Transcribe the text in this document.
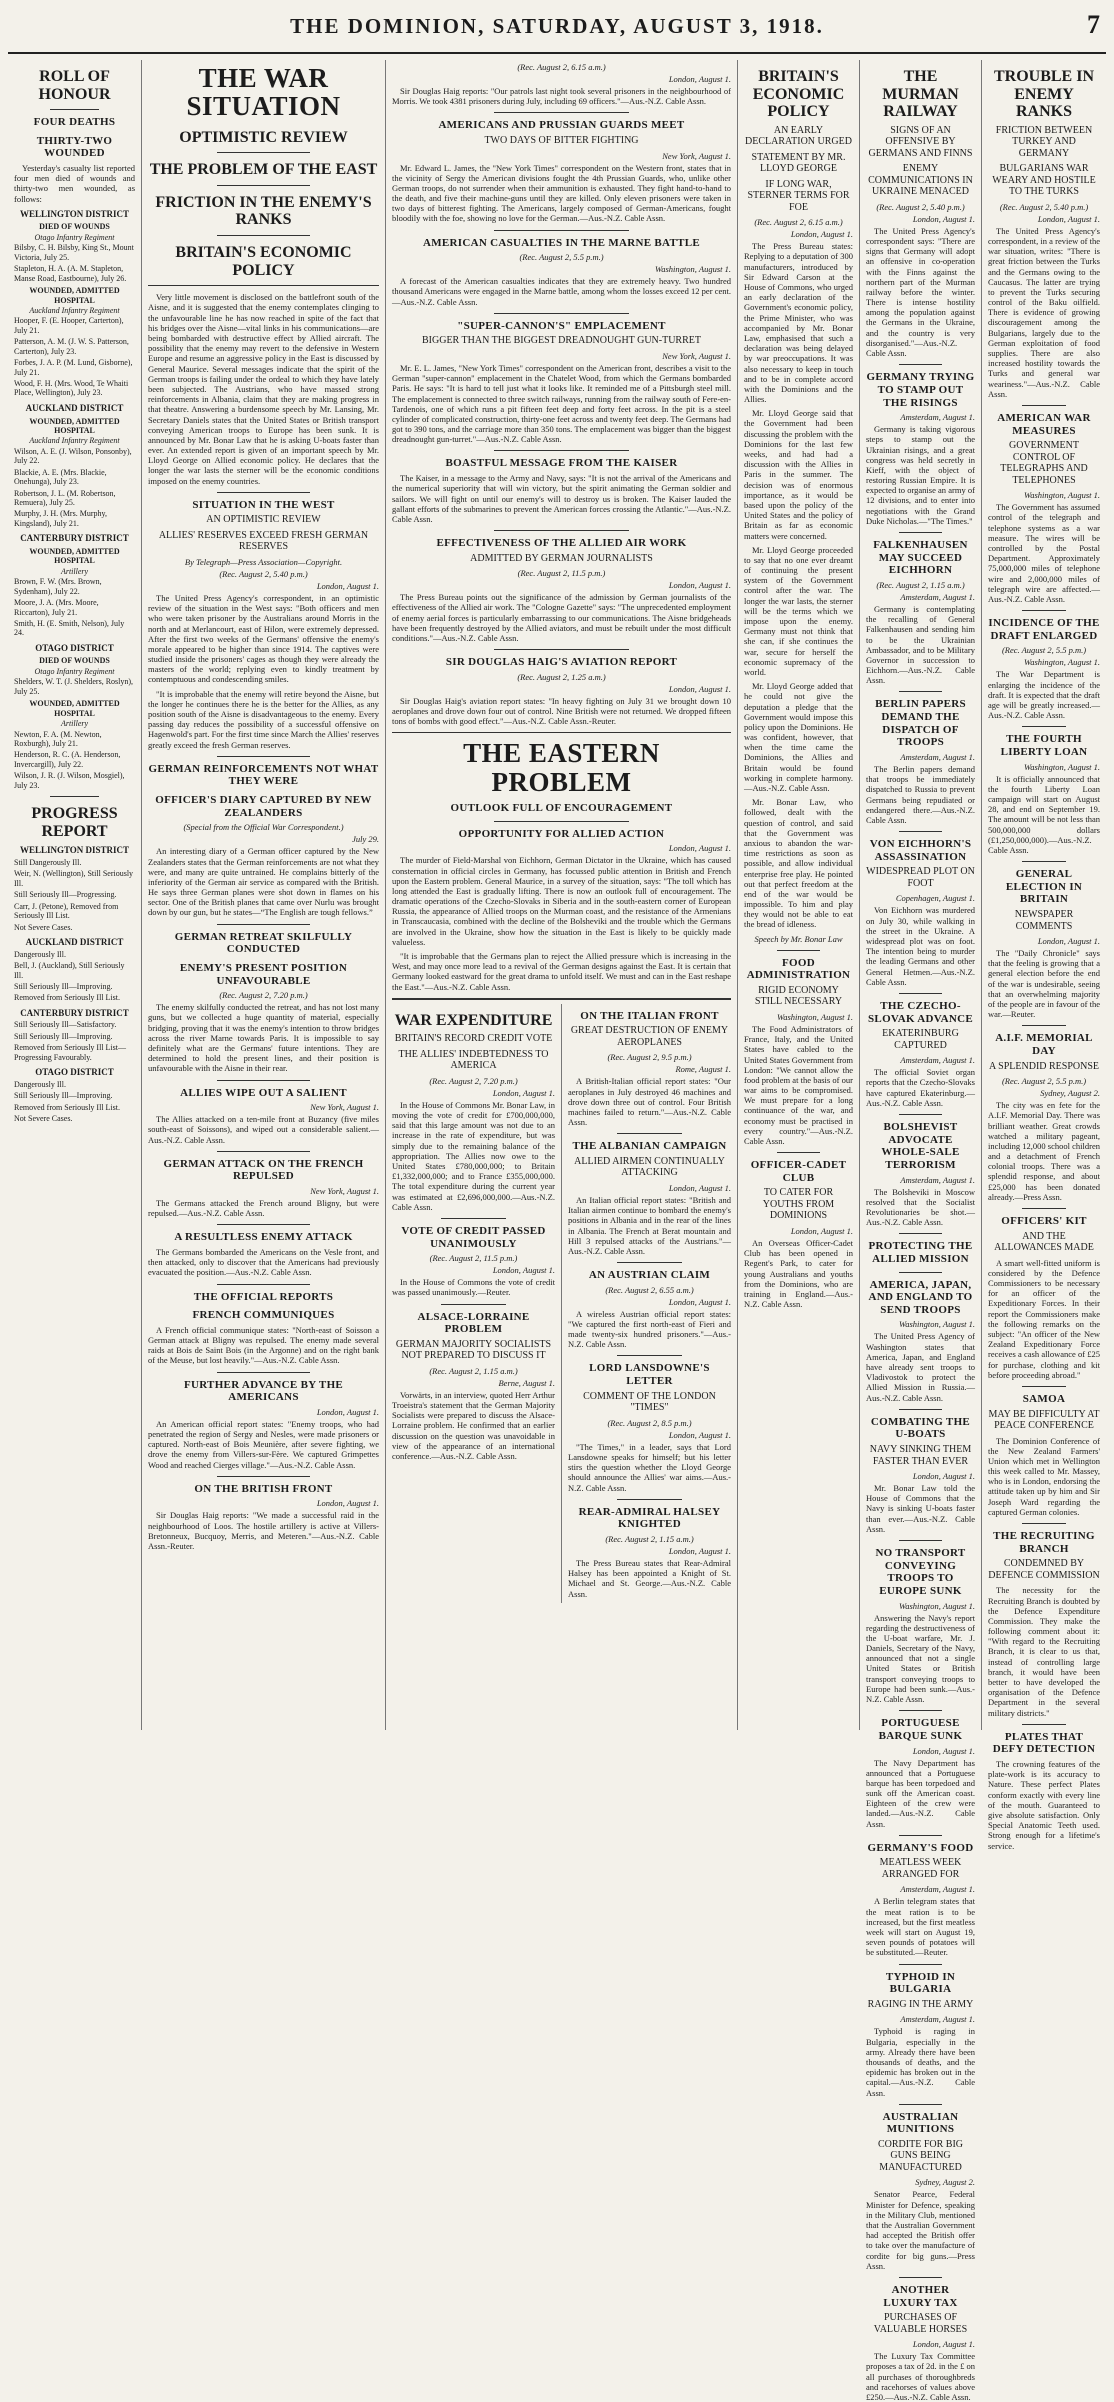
THE DOMINION, SATURDAY, AUGUST 3, 1918.	7
ROLL OF HONOUR
FOUR DEATHS
THIRTY-TWO WOUNDED

Yesterday's casualty list reported four men died of wounds and thirty-two men wounded, as follows:

WELLINGTON DISTRICT
DIED OF WOUNDS
Otago Infantry Regiment
Bilsby, C. H. Bilsby, King St., Mount Victoria, July 25.
Stapleton, H. A. (A. M. Stapleton, Manse Road, Eastbourne), July 26.
WOUNDED, ADMITTED HOSPITAL
Auckland Infantry Regiment
Hooper, F. (E. Hooper, Carterton), July 21.
Patterson, A. M. (J. W. S. Patterson, Carterton), July 23.
Forbes, J. A. P. (M. Lund, Gisborne), July 21.
Wood, F. H. (Mrs. Wood, Te Whaiti Place, Wellington), July 23.
AUCKLAND DISTRICT
WOUNDED, ADMITTED HOSPITAL
Auckland Infantry Regiment
Wilson, A. E. (J. Wilson, Ponsonby), July 22.
Blackie, A. E. (Mrs. Blackie, Onehunga), July 23.
Robertson, J. L. (M. Robertson, Remuera), July 25.
Murphy, J. H. (Mrs. Murphy, Kingsland), July 21.
CANTERBURY DISTRICT
WOUNDED, ADMITTED HOSPITAL
Artillery
Brown, F. W. (Mrs. Brown, Sydenham), July 22.
Moore, J. A. (Mrs. Moore, Riccarton), July 21.
Smith, H. (E. Smith, Nelson), July 24.
OTAGO DISTRICT
DIED OF WOUNDS
Otago Infantry Regiment
Shelders, W. T. (J. Shelders, Roslyn), July 25.
WOUNDED, ADMITTED HOSPITAL
Artillery
Newton, F. A. (M. Newton, Roxburgh), July 21.
Henderson, R. C. (A. Henderson, Invercargill), July 22.
Wilson, J. R. (J. Wilson, Mosgiel), July 23.
PROGRESS REPORT
WELLINGTON DISTRICT
Still Dangerously Ill.
Weir, N. (Wellington), Still Seriously Ill.
Still Seriously Ill—Progressing.
Carr, J. (Petone), Removed from Seriously Ill List.
Not Severe Cases.
AUCKLAND DISTRICT
Dangerously Ill.
Bell, J. (Auckland), Still Seriously Ill.
Still Seriously Ill—Improving.
Removed from Seriously Ill List.
CANTERBURY DISTRICT
Still Seriously Ill—Satisfactory.
Still Seriously Ill—Improving.
Removed from Seriously Ill List—Progressing Favourably.
OTAGO DISTRICT
Dangerously Ill.
Still Seriously Ill—Improving.
Removed from Seriously Ill List.
Not Severe Cases.
THE WAR SITUATION
OPTIMISTIC REVIEW
THE PROBLEM OF THE EAST
FRICTION IN THE ENEMY'S RANKS
BRITAIN'S ECONOMIC POLICY

Very little movement is disclosed on the battlefront south of the Aisne, and it is suggested that the enemy contemplates clinging to the unfavourable line he has now reached in spite of the fact that his bridges over the Aisne—vital links in his communications—are being bombarded with destructive effect by Allied aircraft. The possibility that the enemy may revert to the defensive in Western Europe and resume an aggressive policy in the East is discussed by General Maurice. Several messages indicate that the spirit of the German troops is failing under the ordeal to which they have lately been subjected. The Austrians, who have massed strong reinforcements in Albania, claim that they are making progress in that theatre. Answering a burdensome speech by Mr. Lansing, Mr. Secretary Daniels states that the United States or British transport conveying American troops to Europe has been sunk. It is announced by Mr. Bonar Law that he is asking U-boats faster than ever. An extended report is given of an important speech by Mr. Lloyd George on Allied economic policy. He declares that the longer the war lasts the sterner will be the economic conditions imposed on the enemy countries.

SITUATION IN THE WEST
AN OPTIMISTIC REVIEW
ALLIES' RESERVES EXCEED FRESH GERMAN RESERVES
By Telegraph—Press Association—Copyright.
(Rec. August 2, 5.40 p.m.)
London, August 1.

The United Press Agency's correspondent, in an optimistic review of the situation in the West says: "Both officers and men who were taken prisoner by the Australians around Morris in the north and at Merlancourt, east of Hilon, were extremely depressed. After the first two weeks of the Germans' offensive the enemy's morale appeared to be higher than since 1914. The captives were studied inside the prisoners' cages as though they were already the masters of the world; replying even to kindly treatment by contemptuous and condescending smiles.

"It is improbable that the enemy will retire beyond the Aisne, but the longer he continues there he is the better for the Allies, as any position south of the Aisne is disadvantageous to the enemy. Every passing day reduces the possibility of a successful offensive on Hagenwold's part. For the first time since March the Allies' reserves greatly exceed the fresh German reserves.

GERMAN REINFORCEMENTS NOT WHAT THEY WERE
OFFICER'S DIARY CAPTURED BY NEW ZEALANDERS
(Special from the Official War Correspondent.)
July 29.

An interesting diary of a German officer captured by the New Zealanders states that the German reinforcements are not what they were, and many are quite untrained. He complains bitterly of the inferiority of the German air service as compared with the British. He says three German planes were shot down in flames on his sector. One of the British planes that came over Nurlu was brought down by our gun, but he states—“The English are tough fellows.”

GERMAN RETREAT SKILFULLY CONDUCTED
ENEMY'S PRESENT POSITION UNFAVOURABLE
(Rec. August 2, 7.20 p.m.)

The enemy skilfully conducted the retreat, and has not lost many guns, but we collected a huge quantity of material, especially bridging, proving that it was the enemy's intention to throw bridges across the river Marne towards Paris. It is impossible to say definitely what are the Germans' future intentions. They are determined to hold the present lines, and their position is unfavourable with the Aisne in their rear.

ALLIES WIPE OUT A SALIENT
New York, August 1.

The Allies attacked on a ten-mile front at Buzancy (five miles south-east of Soissons), and wiped out a considerable salient.—Aus.-N.Z. Cable Assn.

GERMAN ATTACK ON THE FRENCH REPULSED
New York, August 1.

The Germans attacked the French around Bligny, but were repulsed.—Aus.-N.Z. Cable Assn.

A RESULTLESS ENEMY ATTACK

The Germans bombarded the Americans on the Vesle front, and then attacked, only to discover that the Americans had previously evacuated the position.—Aus.-N.Z. Cable Assn.

THE OFFICIAL REPORTS
FRENCH COMMUNIQUES

A French official communique states: "North-east of Soisson a German attack at Bligny was repulsed. The enemy made several raids at Bois de Saint Bois (in the Argonne) and on the right bank of the Meuse, but lost heavily."—Aus.-N.Z. Cable Assn.

FURTHER ADVANCE BY THE AMERICANS
London, August 1.

An American official report states: "Enemy troops, who had penetrated the region of Sergy and Nesles, were made prisoners or captured. North-east of Bois Meunière, after severe fighting, we drove the enemy from Villers-sur-Fère. We captured Grimpettes Wood and reached Cierges village."—Aus.-N.Z. Cable Assn.

ON THE BRITISH FRONT
London, August 1.

Sir Douglas Haig reports: "We made a successful raid in the neighbourhood of Loos. The hostile artillery is active at Villers-Bretonneux, Bucquoy, Merris, and Meteren."—Aus.-N.Z. Cable Assn.-Reuter.

(Rec. August 2, 6.15 a.m.)
London, August 1.

Sir Douglas Haig reports: "Our patrols last night took several prisoners in the neighbourhood of Morris. We took 4381 prisoners during July, including 69 officers."—Aus.-N.Z. Cable Assn.

AMERICANS AND PRUSSIAN GUARDS MEET
TWO DAYS OF BITTER FIGHTING
New York, August 1.

Mr. Edward L. James, the "New York Times" correspondent on the Western front, states that in the vicinity of Sergy the American divisions fought the 4th Prussian Guards, who, unlike other German troops, do not surrender when their ammunition is exhausted. They fight hand-to-hand to the death, and five their machine-guns until they are killed. Only eleven prisoners were taken in two days of bitterest fighting. The Americans, largely composed of German-Americans, fought bloodily with the foe, showing no love for the German.—Aus.-N.Z. Cable Assn.

AMERICAN CASUALTIES IN THE MARNE BATTLE
(Rec. August 2, 5.5 p.m.)
Washington, August 1.

A forecast of the American casualties indicates that they are extremely heavy. Two hundred thousand Americans were engaged in the Marne battle, among whom the losses exceed 12 per cent.—Aus.-N.Z. Cable Assn.

"SUPER-CANNON'S" EMPLACEMENT
BIGGER THAN THE BIGGEST DREADNOUGHT GUN-TURRET
New York, August 1.

Mr. E. L. James, "New York Times" correspondent on the American front, describes a visit to the German "super-cannon" emplacement in the Chatelet Wood, from which the Germans bombarded Paris. He says: "It is hard to tell just what it looks like. It reminded me of a Pittsburgh steel mill. The emplacement is connected to three switch railways, running from the railway south of Fere-en-Tardenois, one of which runs a pit fifteen feet deep and forty feet across. In the pit is a steel cylinder of complicated construction, thirty-one feet across and twenty feet deep. The Germans had got to 390 tons, and the carriage more than 350 tons. The emplacement was bigger than the biggest dreadnought gun-turret."—Aus.-N.Z. Cable Assn.

BOASTFUL MESSAGE FROM THE KAISER

The Kaiser, in a message to the Army and Navy, says: "It is not the arrival of the Americans and the numerical superiority that will win victory, but the spirit animating the German soldier and sailors. We will fight on until our enemy's will to destroy us is broken. The Kaiser lauded the gallant efforts of the submarines to prevent the American forces crossing the Atlantic."—Aus.-N.Z. Cable Assn.

EFFECTIVENESS OF THE ALLIED AIR WORK
ADMITTED BY GERMAN JOURNALISTS
(Rec. August 2, 11.5 p.m.)
London, August 1.

The Press Bureau points out the significance of the admission by German journalists of the effectiveness of the Allied air work. The "Cologne Gazette" says: "The unprecedented employment of enemy aerial forces is particularly embarrassing to our communications. The Aisne bridgeheads have been frequently destroyed by the Allied aviators, and must be rebuilt under the most difficult conditions."—Aus.-N.Z. Cable Assn.

SIR DOUGLAS HAIG'S AVIATION REPORT
(Rec. August 2, 1.25 a.m.)
London, August 1.

Sir Douglas Haig's aviation report states: "In heavy fighting on July 31 we brought down 10 aeroplanes and drove down four out of control. Nine British were not returned. We dropped fifteen tons of bombs with good effect."—Aus.-N.Z. Cable Assn.-Reuter.

THE EASTERN PROBLEM
OUTLOOK FULL OF ENCOURAGEMENT
OPPORTUNITY FOR ALLIED ACTION
London, August 1.

The murder of Field-Marshal von Eichhorn, German Dictator in the Ukraine, which has caused consternation in official circles in Germany, has focussed public attention in British and French upon the Eastern problem. General Maurice, in a survey of the situation, says: "The toll which has long attended the East is gradually lifting. There is now an outlook full of encouragement. The dramatic operations of the Czecho-Slovaks in Siberia and in the south-eastern corner of European Russia, the appearance of Allied troops on the Murman coast, and the resistance of the Armenians in Transcaucasia, combined with the decline of the Bolsheviki and the trouble which the Germans are involved in the Ukraine, show how the situation in the East is likely to be quickly made valueless.

"It is improbable that the Germans plan to reject the Allied pressure which is increasing in the West, and may once more lead to a revival of the German designs against the East. It is certain that Germany looked eastward for the great drama to unfold itself. We must and can in the East reshape the East."—Aus.-N.Z. Cable Assn.

WAR EXPENDITURE
BRITAIN'S RECORD CREDIT VOTE
THE ALLIES' INDEBTEDNESS TO AMERICA
(Rec. August 2, 7.20 p.m.)
London, August 1.

In the House of Commons Mr. Bonar Law, in moving the vote of credit for £700,000,000, said that this large amount was not due to an increase in the rate of expenditure, but was simply due to the remaining balance of the appropriation. The Allies now owe to the United States £780,000,000; to Britain £1,332,000,000; and to France £355,000,000. The total expenditure during the current year was estimated at £2,696,000,000.—Aus.-N.Z. Cable Assn.

VOTE OF CREDIT PASSED UNANIMOUSLY
(Rec. August 2, 11.5 p.m.)
London, August 1.

In the House of Commons the vote of credit was passed unanimously.—Reuter.

ALSACE-LORRAINE PROBLEM
GERMAN MAJORITY SOCIALISTS NOT PREPARED TO DISCUSS IT
(Rec. August 2, 1.15 a.m.)
Berne, August 1.

Vorwärts, in an interview, quoted Herr Arthur Troeistra's statement that the German Majority Socialists were prepared to discuss the Alsace-Lorraine problem. He confirmed that an earlier discussion on the question was unavoidable in view of the appearance of an international conference.—Aus.-N.Z. Cable Assn.

ON THE ITALIAN FRONT
GREAT DESTRUCTION OF ENEMY AEROPLANES
(Rec. August 2, 9.5 p.m.)
Rome, August 1.

A British-Italian official report states: "Our aeroplanes in July destroyed 46 machines and drove down three out of control. Four British machines failed to return."—Aus.-N.Z. Cable Assn.

THE ALBANIAN CAMPAIGN
ALLIED AIRMEN CONTINUALLY ATTACKING
London, August 1.

An Italian official report states: "British and Italian airmen continue to bombard the enemy's positions in Albania and in the rear of the lines in Albania. The French at Berat mountain and Hill 3 repulsed attacks of the Austrians."—Aus.-N.Z. Cable Assn.

AN AUSTRIAN CLAIM
(Rec. August 2, 6.55 a.m.)
London, August 1.

A wireless Austrian official report states: "We captured the first north-east of Fieri and made twenty-six hundred prisoners."—Aus.-N.Z. Cable Assn.

LORD LANSDOWNE'S LETTER
COMMENT OF THE LONDON "TIMES"
(Rec. August 2, 8.5 p.m.)
London, August 1.

"The Times," in a leader, says that Lord Lansdowne speaks for himself; but his letter stirs the question whether the Lloyd George should announce the Allies' war aims.—Aus.-N.Z. Cable Assn.

REAR-ADMIRAL HALSEY KNIGHTED
(Rec. August 2, 1.15 a.m.)
London, August 1.

The Press Bureau states that Rear-Admiral Halsey has been appointed a Knight of St. Michael and St. George.—Aus.-N.Z. Cable Assn.

BRITAIN'S ECONOMIC POLICY
AN EARLY DECLARATION URGED
STATEMENT BY MR. LLOYD GEORGE
IF LONG WAR, STERNER TERMS FOR FOE
(Rec. August 2, 6.15 a.m.)
London, August 1.

The Press Bureau states: Replying to a deputation of 300 manufacturers, introduced by Sir Edward Carson at the House of Commons, who urged an early declaration of the Government's economic policy, the Prime Minister, who was accompanied by Mr. Bonar Law, emphasised that such a declaration was being delayed by war preoccupations. It was also necessary to keep in touch and to be in complete accord with the Dominions and the Allies.

Mr. Lloyd George said that the Government had been discussing the problem with the Dominions for the last few weeks, and had had a discussion with the Allies in Paris in the summer. The decision was of enormous importance, as it would be based upon the policy of the United States and the policy of Britain as far as economic matters were concerned.

Mr. Lloyd George proceeded to say that no one ever dreamt of continuing the present system of the Government control after the war. The longer the war lasts, the sterner will be the terms which we impose upon the enemy. Germany must not think that she can, if she continues the war, secure for herself the economic supremacy of the world.

Mr. Lloyd George added that he could not give the deputation a pledge that the Government would impose this policy upon the Dominions. He was confident, however, that when the time came the Dominions, the Allies and Britain would be found working in complete harmony.—Aus.-N.Z. Cable Assn.

Mr. Bonar Law, who followed, dealt with the question of control, and said that the Government was anxious to abandon the war-time restrictions as soon as possible, and allow individual enterprise free play. He pointed out that perfect freedom at the end of the war would be impossible. To him and play they would not be able to eat the bread of idleness.

Speech by Mr. Bonar Law
FOOD ADMINISTRATION
RIGID ECONOMY STILL NECESSARY
Washington, August 1.

The Food Administrators of France, Italy, and the United States have cabled to the United States Government from London: "We cannot allow the food problem at the basis of our war aims to be compromised. We must prepare for a long continuance of the war, and economy must be practised in every country."—Aus.-N.Z. Cable Assn.

OFFICER-CADET CLUB
TO CATER FOR YOUTHS FROM DOMINIONS
London, August 1.

An Overseas Officer-Cadet Club has been opened in Regent's Park, to cater for young Australians and youths from the Dominions, who are training in England.—Aus.-N.Z. Cable Assn.

THE MURMAN RAILWAY
SIGNS OF AN OFFENSIVE BY GERMANS AND FINNS
ENEMY COMMUNICATIONS IN UKRAINE MENACED
(Rec. August 2, 5.40 p.m.)
London, August 1.

The United Press Agency's correspondent says: "There are signs that Germany will adopt an offensive in co-operation with the Finns against the northern part of the Murman railway before the winter. There is intense hostility among the population against the Germans in the Ukraine, and the country is very disorganised."—Aus.-N.Z. Cable Assn.

GERMANY TRYING TO STAMP OUT THE RISINGS
Amsterdam, August 1.

Germany is taking vigorous steps to stamp out the Ukrainian risings, and a great congress was held secretly in Kieff, with the object of restoring Russian Empire. It is expected to organise an army of 12 divisions, and to enter into negotiations with the Grand Duke Nicholas.—"The Times."

FALKENHAUSEN MAY SUCCEED EICHHORN
(Rec. August 2, 1.15 a.m.)
Amsterdam, August 1.

Germany is contemplating the recalling of General Falkenhausen and sending him to be the Ukrainian Ambassador, and to be Military Governor in succession to Eichhorn.—Aus.-N.Z. Cable Assn.

BERLIN PAPERS DEMAND THE DISPATCH OF TROOPS
Amsterdam, August 1.

The Berlin papers demand that troops be immediately dispatched to Russia to prevent Germans being repudiated or endangered there.—Aus.-N.Z. Cable Assn.

VON EICHHORN'S ASSASSINATION
WIDESPREAD PLOT ON FOOT
Copenhagen, August 1.

Von Eichhorn was murdered on July 30, while walking in the street in the Ukraine. A widespread plot was on foot. The intention being to murder the leading Germans and other General Hetmen.—Aus.-N.Z. Cable Assn.

THE CZECHO-SLOVAK ADVANCE
EKATERINBURG CAPTURED
Amsterdam, August 1.

The official Soviet organ reports that the Czecho-Slovaks have captured Ekaterinburg.—Aus.-N.Z. Cable Assn.

BOLSHEVIST ADVOCATE WHOLE-SALE TERRORISM
Amsterdam, August 1.

The Bolsheviki in Moscow resolved that the Socialist Revolutionaries be shot.—Aus.-N.Z. Cable Assn.

PROTECTING THE ALLIED MISSION
AMERICA, JAPAN, AND ENGLAND TO SEND TROOPS
Washington, August 1.

The United Press Agency of Washington states that America, Japan, and England have already sent troops to Vladivostok to protect the Allied Mission in Russia.—Aus.-N.Z. Cable Assn.

COMBATING THE U-BOATS
NAVY SINKING THEM FASTER THAN EVER
London, August 1.

Mr. Bonar Law told the House of Commons that the Navy is sinking U-boats faster than ever.—Aus.-N.Z. Cable Assn.

NO TRANSPORT CONVEYING TROOPS TO EUROPE SUNK
Washington, August 1.

Answering the Navy's report regarding the destructiveness of the U-boat warfare, Mr. J. Daniels, Secretary of the Navy, announced that not a single United States or British transport conveying troops to Europe had been sunk.—Aus.-N.Z. Cable Assn.

PORTUGUESE BARQUE SUNK
London, August 1.

The Navy Department has announced that a Portuguese barque has been torpedoed and sunk off the American coast. Eighteen of the crew were landed.—Aus.-N.Z. Cable Assn.

GERMANY'S FOOD
MEATLESS WEEK ARRANGED FOR
Amsterdam, August 1.

A Berlin telegram states that the meat ration is to be increased, but the first meatless week will start on August 19, seven pounds of potatoes will be substituted.—Reuter.

TYPHOID IN BULGARIA
RAGING IN THE ARMY
Amsterdam, August 1.

Typhoid is raging in Bulgaria, especially in the army. Already there have been thousands of deaths, and the epidemic has broken out in the capital.—Aus.-N.Z. Cable Assn.

AUSTRALIAN MUNITIONS
CORDITE FOR BIG GUNS BEING MANUFACTURED
Sydney, August 2.

Senator Pearce, Federal Minister for Defence, speaking in the Military Club, mentioned that the Australian Government had accepted the British offer to take over the manufacture of cordite for big guns.—Press Assn.

ANOTHER LUXURY TAX
PURCHASES OF VALUABLE HORSES
London, August 1.

The Luxury Tax Committee proposes a tax of 2d. in the £ on all purchases of thoroughbreds and racehorses of values above £250.—Aus.-N.Z. Cable Assn.

TROUBLE IN ENEMY RANKS
FRICTION BETWEEN TURKEY AND GERMANY
BULGARIANS WAR WEARY AND HOSTILE TO THE TURKS
(Rec. August 2, 5.40 p.m.)
London, August 1.

The United Press Agency's correspondent, in a review of the war situation, writes: "There is great friction between the Turks and the Germans owing to the Caucasus. The latter are trying to prevent the Turks securing control of the Baku oilfield. There is evidence of growing discouragement among the Bulgarians, largely due to the German exploitation of food supplies. There are also increased hostility towards the Turks and general war weariness."—Aus.-N.Z. Cable Assn.

AMERICAN WAR MEASURES
GOVERNMENT CONTROL OF TELEGRAPHS AND TELEPHONES
Washington, August 1.

The Government has assumed control of the telegraph and telephone systems as a war measure. The wires will be controlled by the Postal Department. Approximately 75,000,000 miles of telephone wire and 2,000,000 miles of telegraph wire are affected.—Aus.-N.Z. Cable Assn.

INCIDENCE OF THE DRAFT ENLARGED
(Rec. August 2, 5.5 p.m.)
Washington, August 1.

The War Department is enlarging the incidence of the draft. It is expected that the draft age will be greatly increased.—Aus.-N.Z. Cable Assn.

THE FOURTH LIBERTY LOAN
Washington, August 1.

It is officially announced that the fourth Liberty Loan campaign will start on August 28, and end on September 19. The amount will be not less than 500,000,000 dollars (£1,250,000,000).—Aus.-N.Z. Cable Assn.

GENERAL ELECTION IN BRITAIN
NEWSPAPER COMMENTS
London, August 1.

The "Daily Chronicle" says that the feeling is growing that a general election before the end of the war is undesirable, seeing that an overwhelming majority of the people are in favour of the war.—Reuter.

A.I.F. MEMORIAL DAY
A SPLENDID RESPONSE
(Rec. August 2, 5.5 p.m.)
Sydney, August 2.

The city was en fete for the A.I.F. Memorial Day. There was brilliant weather. Great crowds watched a military pageant, including 12,000 school children and a detachment of French colonial troops. There was a splendid response, and about £25,000 has been donated already.—Press Assn.

OFFICERS' KIT
AND THE ALLOWANCES MADE

A smart well-fitted uniform is considered by the Defence Commissioners to be necessary for an officer of the Expeditionary Forces. In their report the Commissioners make the following remarks on the subject: "An officer of the New Zealand Expeditionary Force receives a cash allowance of £25 for purchase, clothing and kit before proceeding abroad."

SAMOA
MAY BE DIFFICULTY AT PEACE CONFERENCE

The Dominion Conference of the New Zealand Farmers' Union which met in Wellington this week called to Mr. Massey, who is in London, endorsing the attitude taken up by him and Sir Joseph Ward regarding the captured German colonies.

THE RECRUITING BRANCH
CONDEMNED BY DEFENCE COMMISSION

The necessity for the Recruiting Branch is doubted by the Defence Expenditure Commission. They make the following comment about it: "With regard to the Recruiting Branch, it is clear to us that, instead of controlling large branch, it would have been better to have developed the organisation of the Defence Department in the several military districts."

PLATES THAT DEFY DETECTION

The crowning features of the plate-work is its accuracy to Nature. These perfect Plates conform exactly with every line of the mouth. Guaranteed to give absolute satisfaction. Only Special Anatomic Teeth used. Strong enough for a lifetime's service.
